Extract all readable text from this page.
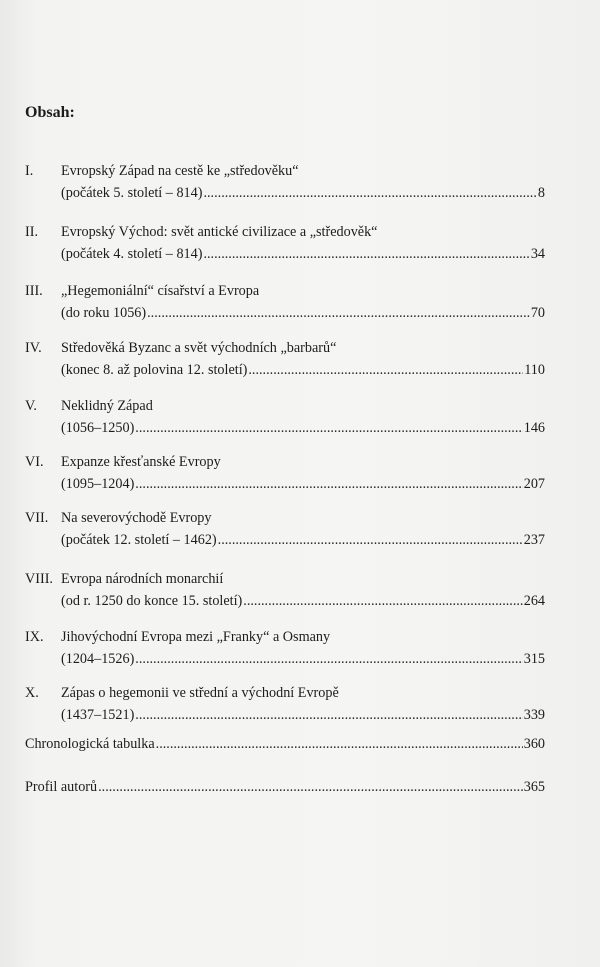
Obsah:
I.	Evropský Západ na cestě ke „středověku“
(počátek 5. století – 814) .....	8
II.	Evropský Východ: svět antické civilizace a „středověk“
(počátek 4. století – 814) .....	34
III.	„Hegemoniální“ císařství a Evropa
(do roku 1056) .....	70
IV.	Středověká Byzanc a svět východních „barbarů“
(konec 8. až polovina 12. století) .....	110
V.	Neklidný Západ
(1056–1250) .....	146
VI.	Expanze křesťanské Evropy
(1095–1204) .....	207
VII. Na severovýchodě Evropy
(počátek 12. století – 1462) .....	237
VIII. Evropa národních monarchií
(od r. 1250 do konce 15. století) .....	264
IX.	Jihovýchodní Evropa mezi „Franky“ a Osmany
(1204–1526) .....	315
X.	Zápas o hegemonii ve střední a východní Evropě
(1437–1521) .....	339
Chronologická tabulka .....	360
Profil autorů .....	365
